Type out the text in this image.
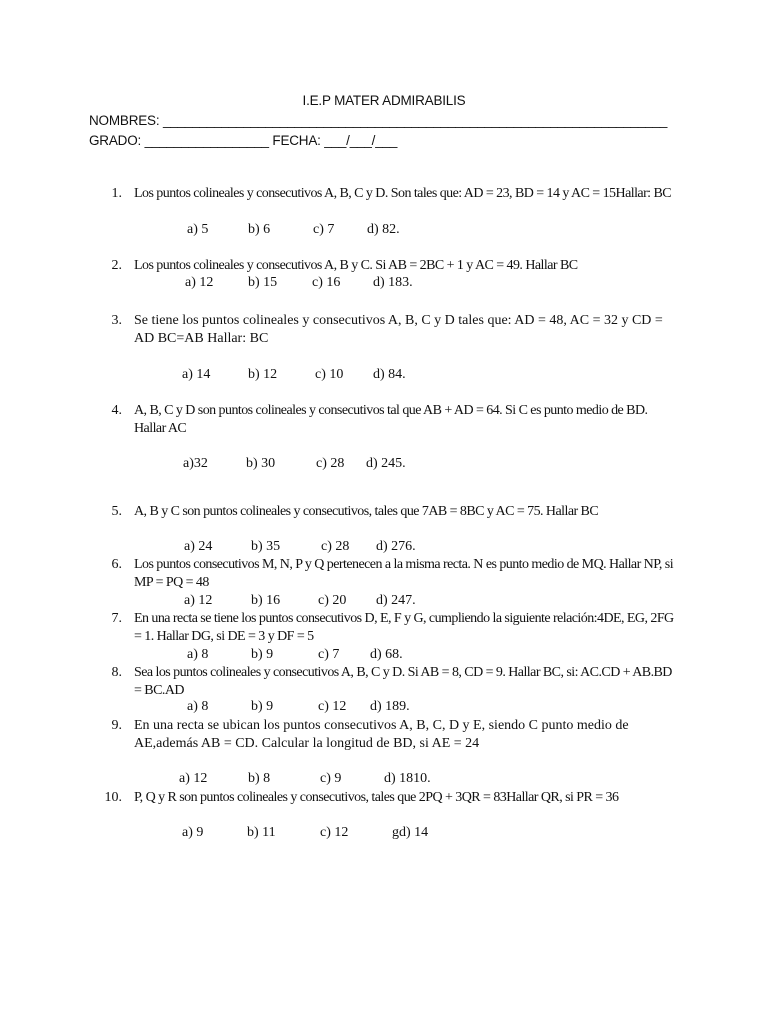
I.E.P MATER ADMIRABILIS
NOMBRES: _____________________________________________________________________
GRADO: _________________ FECHA: ___/___/___
1. Los puntos colineales y consecutivos A, B, C y D. Son tales que: AD = 23, BD = 14 y AC = 15Hallar: BC
a) 5	b) 6	c) 7 d) 82.
2. Los puntos colineales y consecutivos A, B y C. Si AB = 2BC + 1 y AC = 49. Hallar BC
a) 12 b) 15 c) 16 d) 183.
3. Se tiene los puntos colineales y consecutivos A, B, C y D tales que: AD = 48, AC = 32 y CD = AD BC=AB Hallar: BC
a) 14	b) 12	c) 10 d) 84.
4. A, B, C y D son puntos colineales y consecutivos tal que AB + AD = 64. Si C es punto medio de BD. Hallar AC
a)32	b) 30	c) 28 d) 245.
5. A, B y C son puntos colineales y consecutivos, tales que 7AB = 8BC y AC = 75. Hallar BC
a) 24	b) 35	c) 28 d) 276.
6. Los puntos consecutivos M, N, P y Q pertenecen a la misma recta. N es punto medio de MQ. Hallar NP, si MP = PQ = 48
a) 12	b) 16	c) 20 d) 247.
7. En una recta se tiene los puntos consecutivos D, E, F y G, cumpliendo la siguiente relación:4DE, EG, 2FG = 1. Hallar DG, si DE = 3 y DF = 5
a) 8	b) 9	c) 7 d) 68.
8. Sea los puntos colineales y consecutivos A, B, C y D. Si AB = 8, CD = 9. Hallar BC, si: AC.CD + AB.BD = BC.AD
a) 8	b) 9	c) 12 d) 189.
9. En una recta se ubican los puntos consecutivos A, B, C, D y E, siendo C punto medio de AE,además AB = CD. Calcular la longitud de BD, si AE = 24
a) 12	b) 8	c) 9	d) 1810.
10. P, Q y R son puntos colineales y consecutivos, tales que 2PQ + 3QR = 83Hallar QR, si PR = 36
a) 9	b) 11	c) 12	gd) 14
